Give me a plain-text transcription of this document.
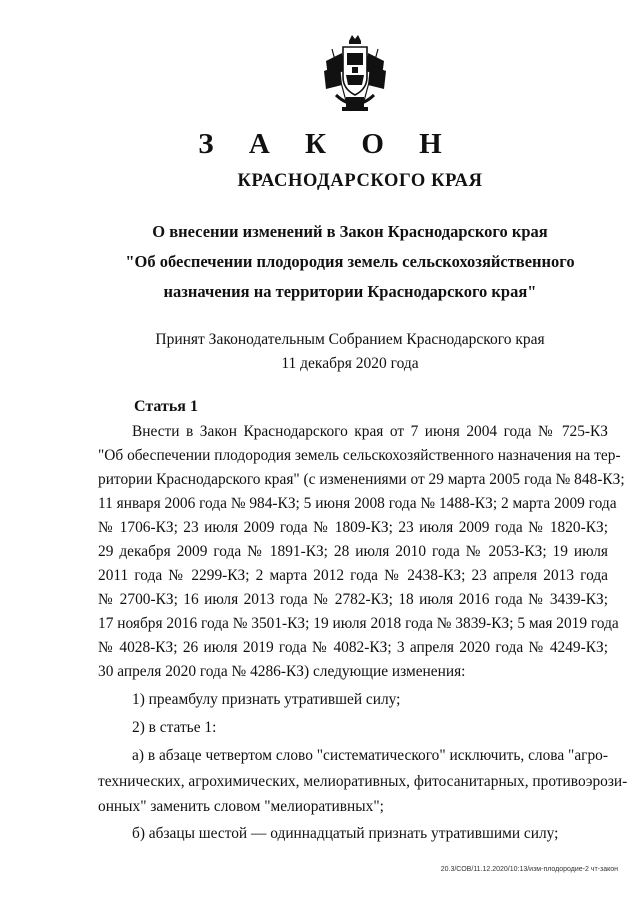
З А К О Н
КРАСНОДАРСКОГО КРАЯ
О внесении изменений в Закон Краснодарского края
"Об обеспечении плодородия земель сельскохозяйственного
назначения на территории Краснодарского края"
Принят Законодательным Собранием Краснодарского края
11 декабря 2020 года
Статья 1
Внести в Закон Краснодарского края от 7 июня 2004 года № 725-КЗ
"Об обеспечении плодородия земель сельскохозяйственного назначения на тер-
ритории Краснодарского края" (с изменениями от 29 марта 2005 года № 848-КЗ;
11 января 2006 года № 984-КЗ; 5 июня 2008 года № 1488-КЗ; 2 марта 2009 года
№ 1706-КЗ; 23 июля 2009 года № 1809-КЗ; 23 июля 2009 года № 1820-КЗ;
29 декабря 2009 года № 1891-КЗ; 28 июля 2010 года № 2053-КЗ; 19 июля
2011 года № 2299-КЗ; 2 марта 2012 года № 2438-КЗ; 23 апреля 2013 года
№ 2700-КЗ; 16 июля 2013 года № 2782-КЗ; 18 июля 2016 года № 3439-КЗ;
17 ноября 2016 года № 3501-КЗ; 19 июля 2018 года № 3839-КЗ; 5 мая 2019 года
№ 4028-КЗ; 26 июля 2019 года № 4082-КЗ; 3 апреля 2020 года № 4249-КЗ;
30 апреля 2020 года № 4286-КЗ) следующие изменения:
1) преамбулу признать утратившей силу;
2) в статье 1:
а) в абзаце четвертом слово "систематического" исключить, слова "агро-
технических, агрохимических, мелиоративных, фитосанитарных, противоэрози-
онных" заменить словом "мелиоративных";
б) абзацы шестой — одиннадцатый признать утратившими силу;
20.3/СОВ/11.12.2020/10:13/изм-плодородие-2 чт-закон
